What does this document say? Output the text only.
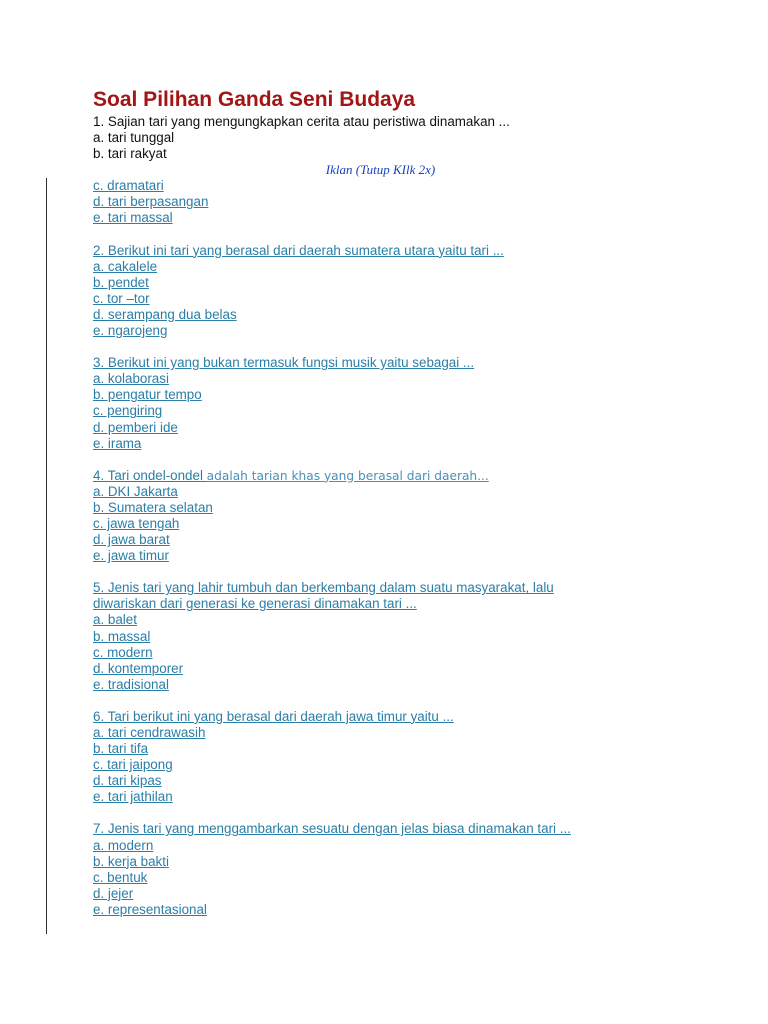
Soal Pilihan Ganda Seni Budaya
1. Sajian tari yang mengungkapkan cerita atau peristiwa dinamakan ...
a. tari tunggal
b. tari rakyat
Iklan (Tutup KIlk 2x)
c. dramatari
d. tari berpasangan
e. tari massal
2. Berikut ini tari yang berasal dari daerah sumatera utara yaitu tari ...
a. cakalele
b. pendet
c. tor –tor
d. serampang dua belas
e. ngarojeng
3. Berikut ini yang bukan termasuk fungsi musik yaitu sebagai ...
a. kolaborasi
b. pengatur tempo
c. pengiring
d. pemberi ide
e. irama
4. Tari ondel-ondel adalah tarian khas yang berasal dari daerah...
a. DKI Jakarta
b. Sumatera selatan
c. jawa tengah
d. jawa barat
e. jawa timur
5. Jenis tari yang lahir tumbuh dan berkembang dalam suatu masyarakat, lalu
diwariskan dari generasi ke generasi dinamakan tari ...
a. balet
b. massal
c. modern
d. kontemporer
e. tradisional
6. Tari berikut ini yang berasal dari daerah jawa timur yaitu ...
a. tari cendrawasih
b. tari tifa
c. tari jaipong
d. tari kipas
e. tari jathilan
7. Jenis tari yang menggambarkan sesuatu dengan jelas biasa dinamakan tari ...
a. modern
b. kerja bakti
c. bentuk
d. jejer
e. representasional
